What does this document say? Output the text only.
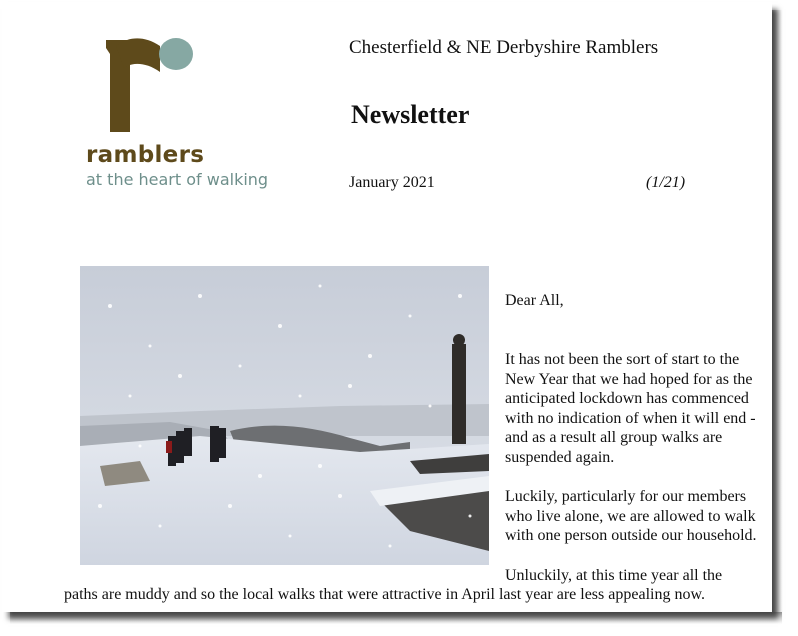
ramblers
at the heart of walking
Chesterfield & NE Derbyshire Ramblers
Newsletter
January 2021	(1/21)
Dear All,
It has not been the sort of start to the New Year that we had hoped for as the anticipated lockdown has commenced with no indication of when it will end - and as a result all group walks are suspended again.
Luckily, particularly for our members who live alone, we are allowed to walk with one person outside our household.
Unluckily, at this time year all the
paths are muddy and so the local walks that were attractive in April last year are less appealing now.
